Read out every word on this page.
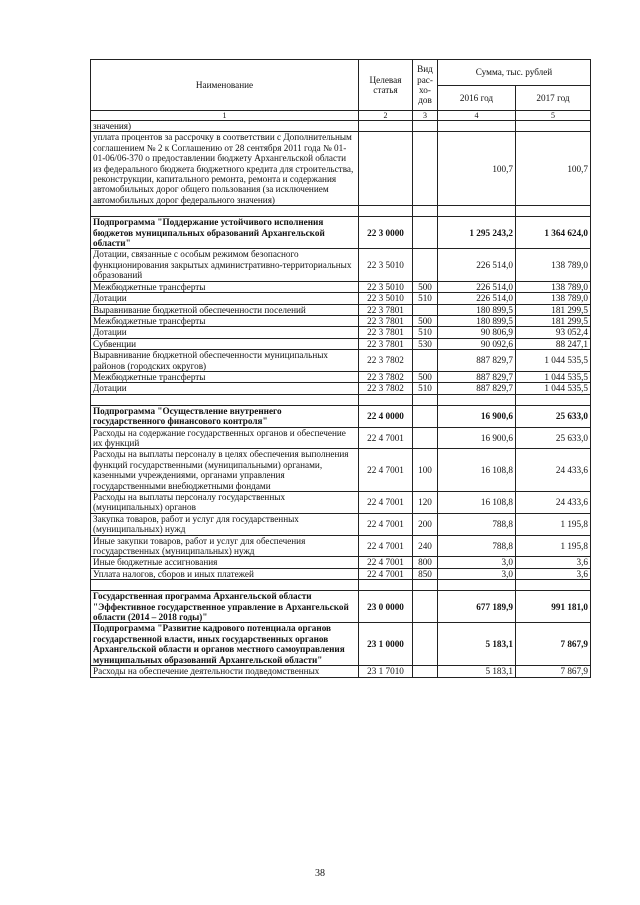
Наименование	Целевая статья	Вид рас-хо-дов	Сумма, тыс. рублей	
			2016 год	2017 год
1	2	3	4	5
значения)				
уплата процентов за рассрочку в соответствии с Дополнительным соглашением № 2 к Соглашению от 28 сентября 2011 года № 01-01-06/06-370 о предоставлении бюджету Архангельской области из федерального бюджета бюджетного кредита для строительства, реконструкции, капитального ремонта, ремонта и содержания автомобильных дорог общего пользования (за исключением автомобильных дорог федерального значения)			100,7	100,7

Подпрограмма "Поддержание устойчивого исполнения бюджетов муниципальных образований Архангельской области"	22 3 0000		1 295 243,2	1 364 624,0
Дотации, связанные с особым режимом безопасного функционирования закрытых административно-территориальных образований	22 3 5010		226 514,0	138 789,0
Межбюджетные трансферты	22 3 5010	500	226 514,0	138 789,0
Дотации	22 3 5010	510	226 514,0	138 789,0
Выравнивание бюджетной обеспеченности поселений	22 3 7801		180 899,5	181 299,5
Межбюджетные трансферты	22 3 7801	500	180 899,5	181 299,5
Дотации	22 3 7801	510	90 806,9	93 052,4
Субвенции	22 3 7801	530	90 092,6	88 247,1
Выравнивание бюджетной обеспеченности муниципальных районов (городских округов)	22 3 7802		887 829,7	1 044 535,5
Межбюджетные трансферты	22 3 7802	500	887 829,7	1 044 535,5
Дотации	22 3 7802	510	887 829,7	1 044 535,5

Подпрограмма "Осуществление внутреннего государственного финансового контроля"	22 4 0000		16 900,6	25 633,0
Расходы на содержание государственных органов и обеспечение их функций	22 4 7001		16 900,6	25 633,0
Расходы на выплаты персоналу в целях обеспечения выполнения функций государственными (муниципальными) органами, казенными учреждениями, органами управления государственными внебюджетными фондами	22 4 7001	100	16 108,8	24 433,6
Расходы на выплаты персоналу государственных (муниципальных) органов	22 4 7001	120	16 108,8	24 433,6
Закупка товаров, работ и услуг для государственных (муниципальных) нужд	22 4 7001	200	788,8	1 195,8
Иные закупки товаров, работ и услуг для обеспечения государственных (муниципальных) нужд	22 4 7001	240	788,8	1 195,8
Иные бюджетные ассигнования	22 4 7001	800	3,0	3,6
Уплата налогов, сборов и иных платежей	22 4 7001	850	3,0	3,6

Государственная программа Архангельской области "Эффективное государственное управление в Архангельской области (2014 – 2018 годы)"	23 0 0000		677 189,9	991 181,0
Подпрограмма "Развитие кадрового потенциала органов государственной власти, иных государственных органов Архангельской области и органов местного самоуправления муниципальных образований Архангельской области"	23 1 0000		5 183,1	7 867,9
Расходы на обеспечение деятельности подведомственных	23 1 7010		5 183,1	7 867,9
38
